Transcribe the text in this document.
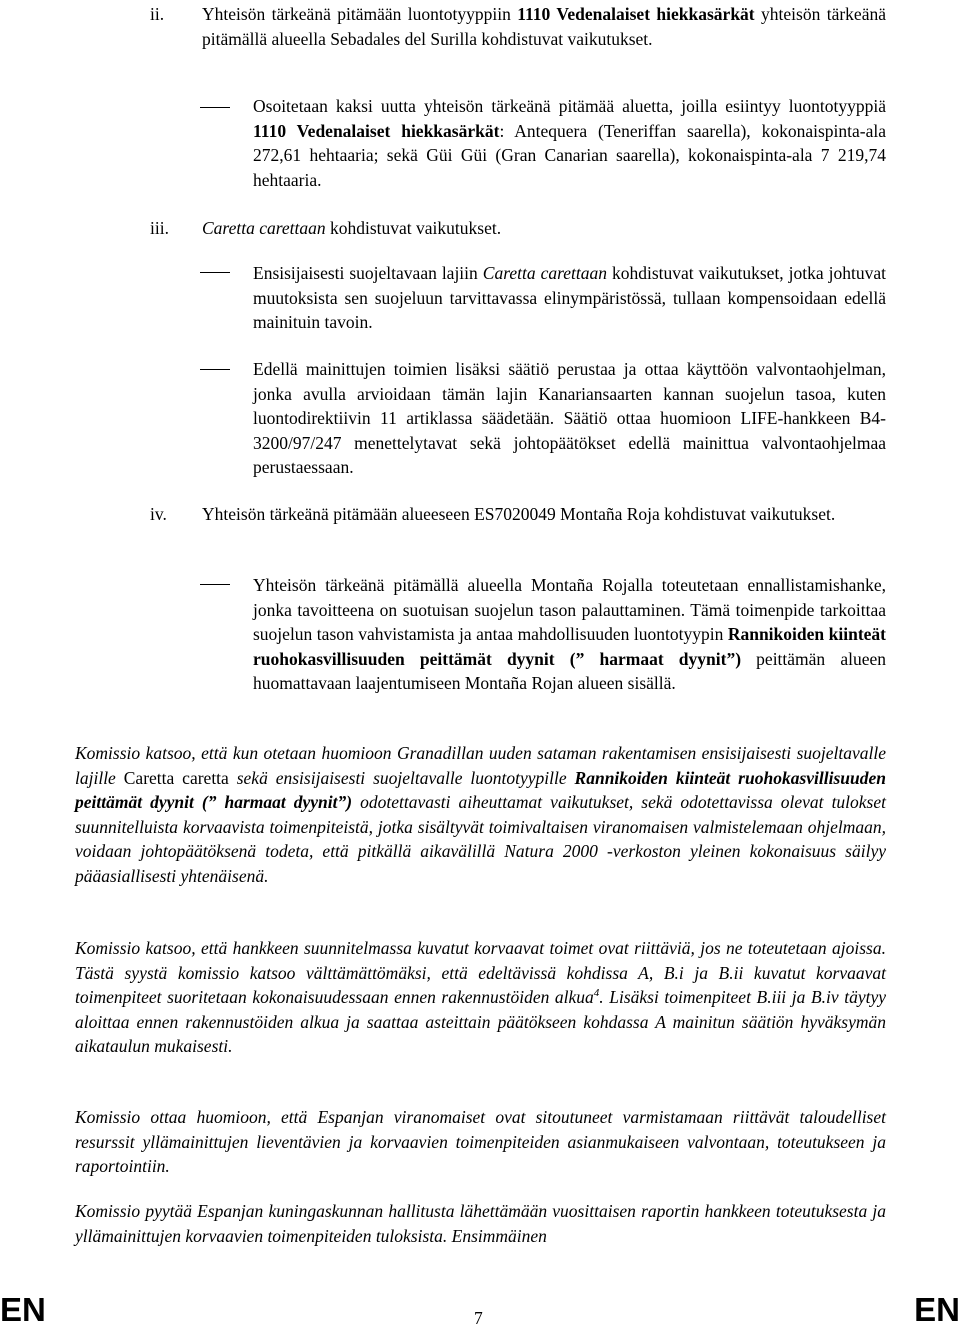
ii.	Yhteisön tärkeänä pitämään luontotyyppiin 1110 Vedenalaiset hiekkasärkät yhteisön tärkeänä pitämällä alueella Sebadales del Surilla kohdistuvat vaikutukset.
Osoitetaan kaksi uutta yhteisön tärkeänä pitämää aluetta, joilla esiintyy luontotyyppiä 1110 Vedenalaiset hiekkasärkät: Antequera (Teneriffan saarella), kokonaispinta-ala 272,61 hehtaaria; sekä Güi Güi (Gran Canarian saarella), kokonaispinta-ala 7 219,74 hehtaaria.
iii.	Caretta carettaan kohdistuvat vaikutukset.
Ensisijaisesti suojeltavaan lajiin Caretta carettaan kohdistuvat vaikutukset, jotka johtuvat muutoksista sen suojeluun tarvittavassa elinympäristössä, tullaan kompensoidaan edellä mainituin tavoin.
Edellä mainittujen toimien lisäksi säätiö perustaa ja ottaa käyttöön valvontaohjelman, jonka avulla arvioidaan tämän lajin Kanariansaarten kannan suojelun tasoa, kuten luontodirektiivin 11 artiklassa säädetään. Säätiö ottaa huomioon LIFE-hankkeen B4-3200/97/247 menettelytavat sekä johtopäätökset edellä mainittua valvontaohjelmaa perustaessaan.
iv.	Yhteisön tärkeänä pitämään alueeseen ES7020049 Montaña Roja kohdistuvat vaikutukset.
Yhteisön tärkeänä pitämällä alueella Montaña Rojalla toteutetaan ennallistamishanke, jonka tavoitteena on suotuisan suojelun tason palauttaminen. Tämä toimenpide tarkoittaa suojelun tason vahvistamista ja antaa mahdollisuuden luontotyypin Rannikoiden kiinteät ruohokasvillisuuden peittämät dyynit (” harmaat dyynit”) peittämän alueen huomattavaan laajentumiseen Montaña Rojan alueen sisällä.
Komissio katsoo, että kun otetaan huomioon Granadillan uuden sataman rakentamisen ensisijaisesti suojeltavalle lajille Caretta caretta sekä ensisijaisesti suojeltavalle luontotyypille Rannikoiden kiinteät ruohokasvillisuuden peittämät dyynit (” harmaat dyynit”) odotettavasti aiheuttamat vaikutukset, sekä odotettavissa olevat tulokset suunnitelluista korvaavista toimenpiteistä, jotka sisältyvät toimivaltaisen viranomaisen valmistelemaan ohjelmaan, voidaan johtopäätöksenä todeta, että pitkällä aikavälillä Natura 2000 -verkoston yleinen kokonaisuus säilyy pääasiallisesti yhtenäisenä.
Komissio katsoo, että hankkeen suunnitelmassa kuvatut korvaavat toimet ovat riittäviä, jos ne toteutetaan ajoissa. Tästä syystä komissio katsoo välttämättömäksi, että edeltävissä kohdissa A, B.i ja B.ii kuvatut korvaavat toimenpiteet suoritetaan kokonaisuudessaan ennen rakennustöiden alkua$^4$. Lisäksi toimenpiteet B.iii ja B.iv täytyy aloittaa ennen rakennustöiden alkua ja saattaa asteittain päätökseen kohdassa A mainitun säätiön hyväksymän aikataulun mukaisesti.
Komissio ottaa huomioon, että Espanjan viranomaiset ovat sitoutuneet varmistamaan riittävät taloudelliset resurssit yllämainittujen lieventävien ja korvaavien toimenpiteiden asianmukaiseen valvontaan, toteutukseen ja raportointiin.
Komissio pyytää Espanjan kuningaskunnan hallitusta lähettämään vuosittaisen raportin hankkeen toteutuksesta ja yllämainittujen korvaavien toimenpiteiden tuloksista. Ensimmäinen
EN	7	EN
